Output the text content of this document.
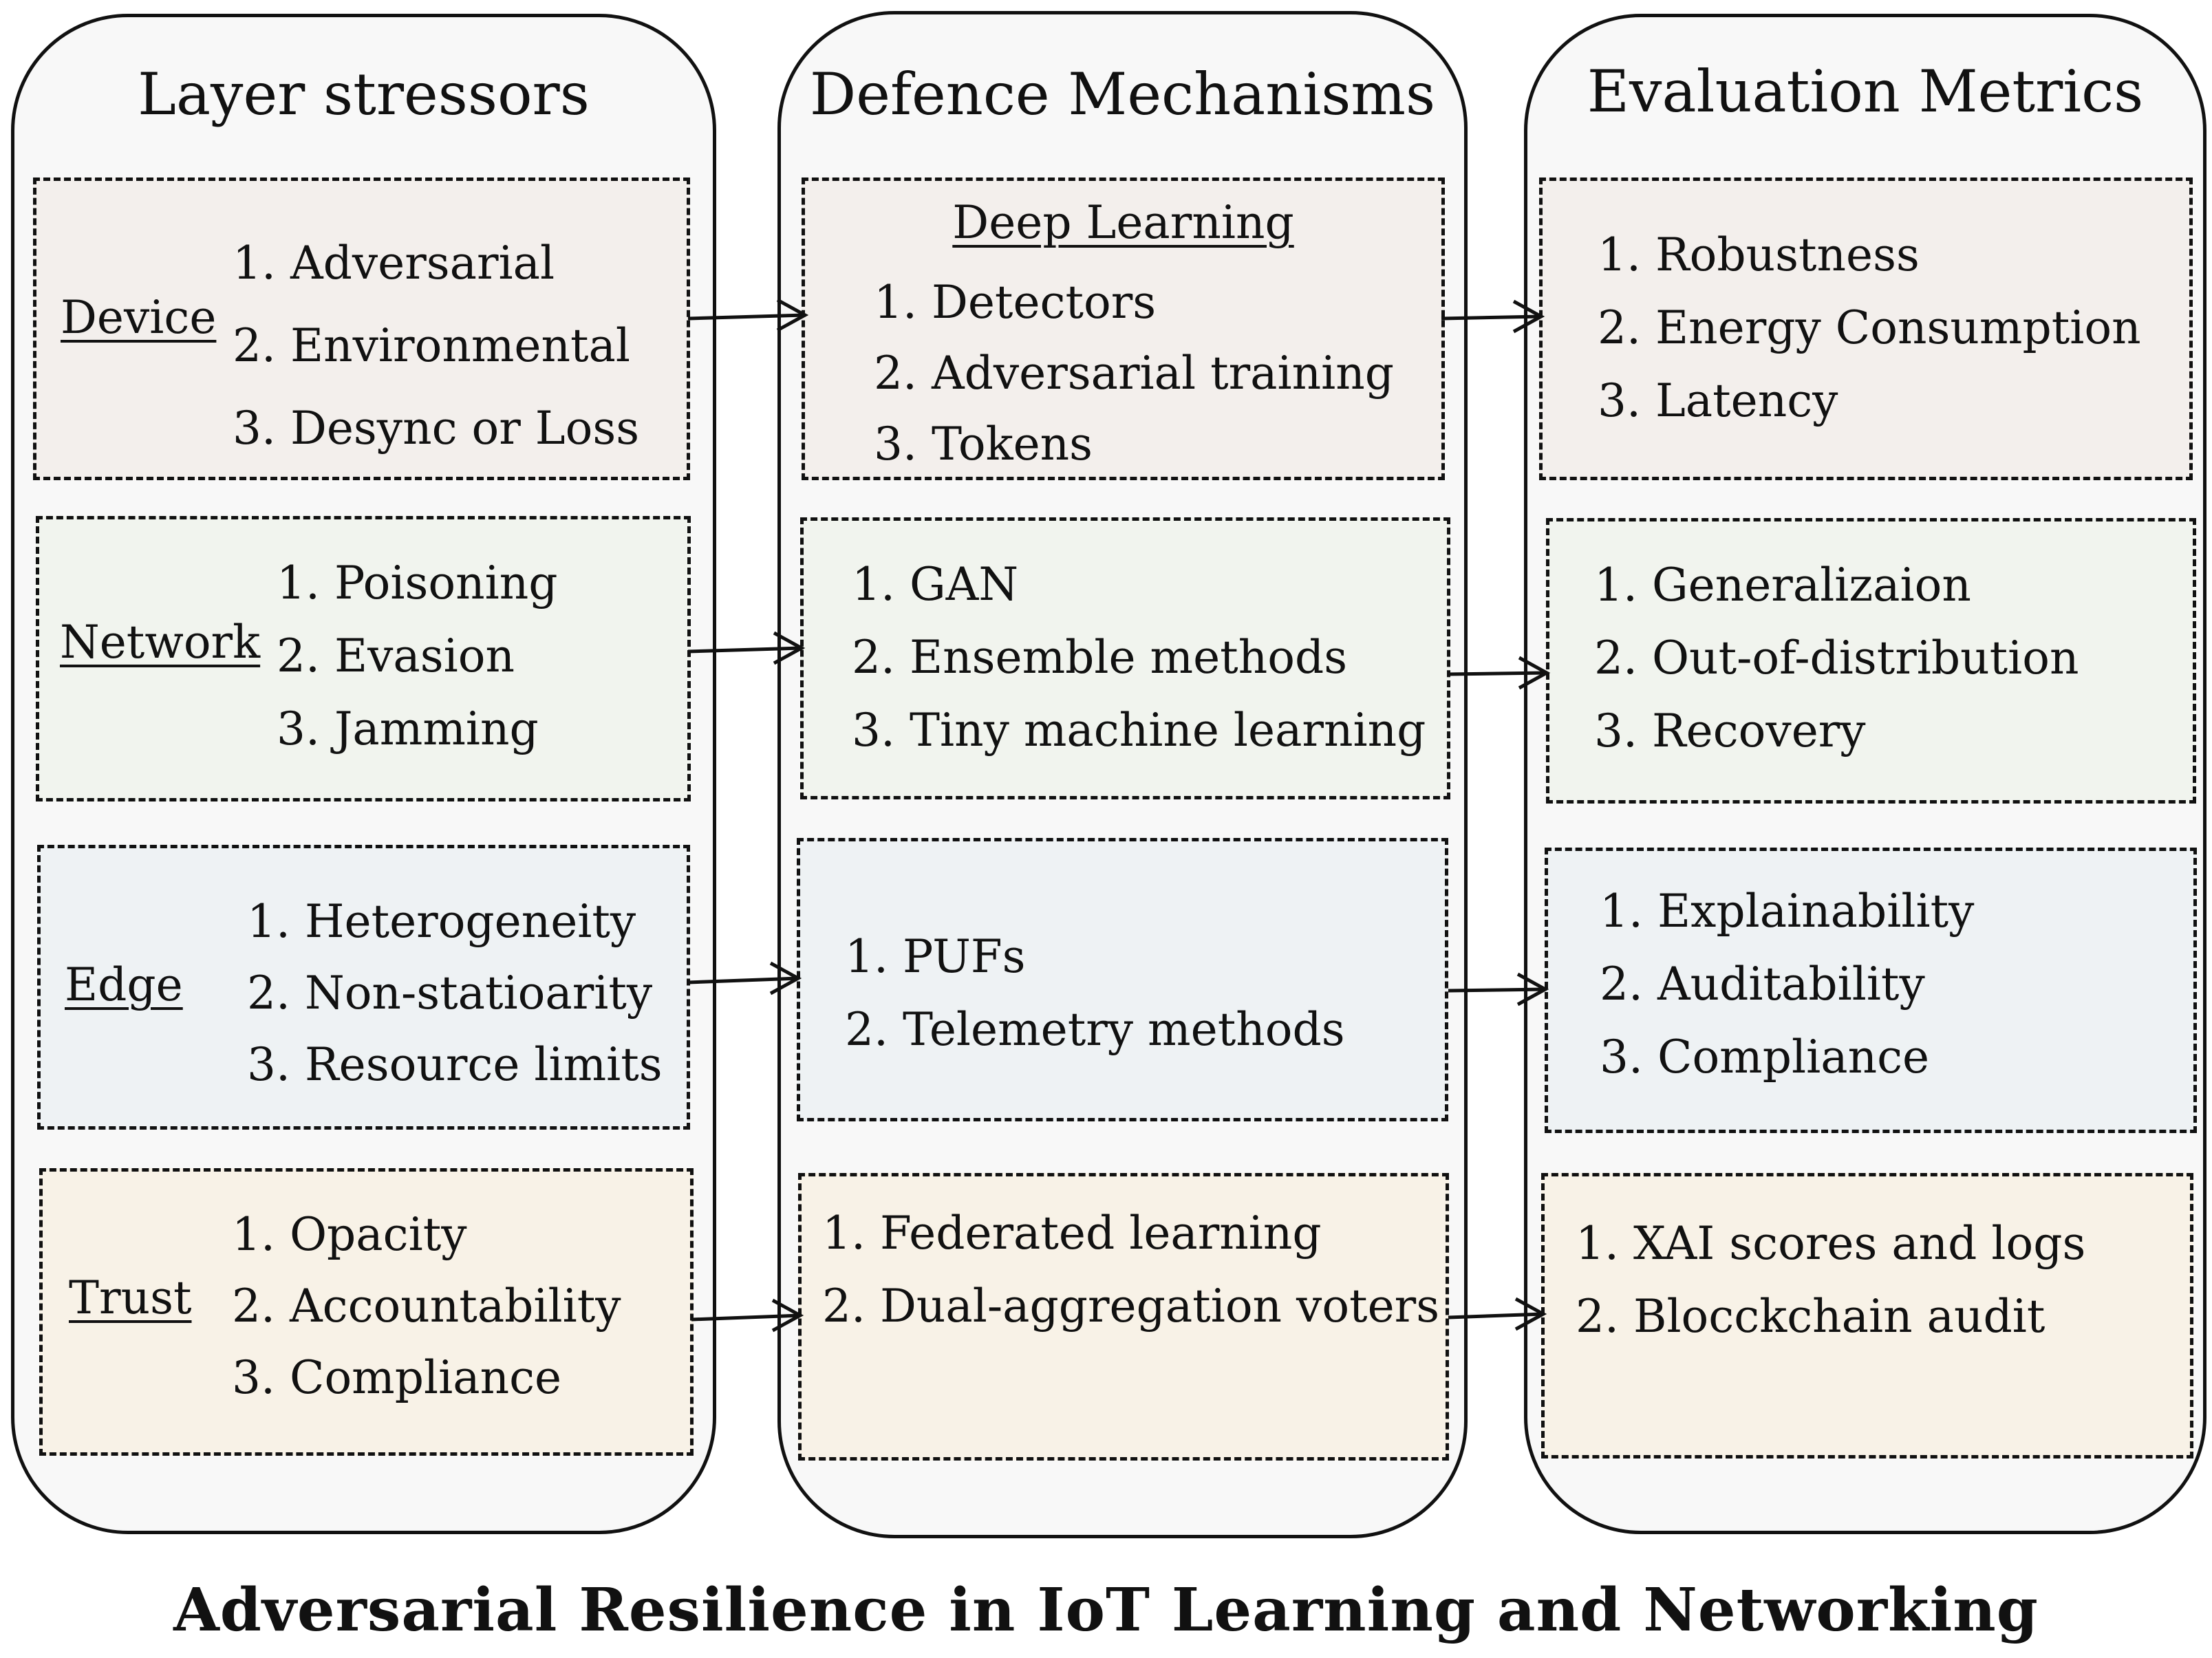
Layer stressors	Defence Mechanisms	Evaluation Metrics
Device
1. Adversarial
2. Environmental
3. Desync or Loss
Network
1. Poisoning
2. Evasion
3. Jamming
Edge
1. Heterogeneity
2. Non-statioarity
3. Resource limits
Trust
1. Opacity
2. Accountability
3. Compliance
Deep Learning
1. Detectors
2. Adversarial training
3. Tokens
1. GAN
2. Ensemble methods
3. Tiny machine learning
1. PUFs
2. Telemetry methods
1. Federated learning
2. Dual-aggregation voters
1. Robustness
2. Energy Consumption
3. Latency
1. Generalizaion
2. Out-of-distribution
3. Recovery
1. Explainability
2. Auditability
3. Compliance
1. XAI scores and logs
2. Blocckchain audit
Adversarial Resilience in IoT Learning and Networking
